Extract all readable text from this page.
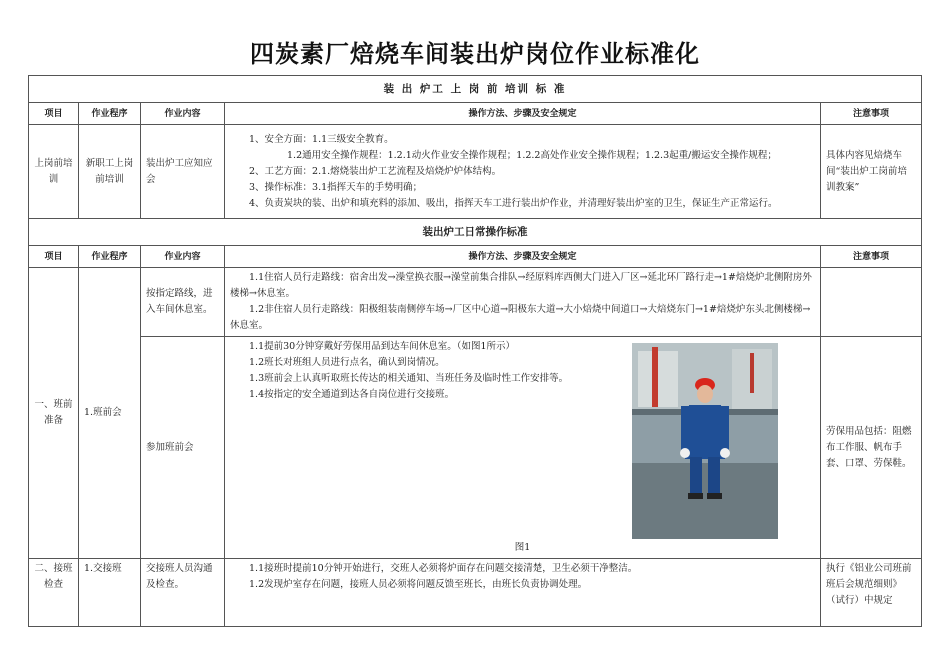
四炭素厂焙烧车间装出炉岗位作业标准化
装 出 炉工 上 岗 前 培训 标 准				
项目	作业程序	作业内容	操作方法、步骤及安全规定	注意事项
上岗前培训	新职工上岗前培训	装出炉工应知应会	1、安全方面：1.1三级安全教育。

1.2通用安全操作规程：1.2.1动火作业安全操作规程；1.2.2高处作业安全操作规程；1.2.3起重/搬运安全操作规程；

2、工艺方面：2.1.熔烧装出炉工艺流程及焙烧炉炉体结构。

3、操作标准：3.1指挥天车的手势明确；

4、负责炭块的装、出炉和填充料的添加、吸出，指挥天车工进行装出炉作业，并清理好装出炉室的卫生，保证生产正常运行。	具体内容见焙烧车间“装出炉工岗前培训教案”
装出炉工日常操作标准				
项目	作业程序	作业内容	操作方法、步骤及安全规定	注意事项
一、班前准备	1.班前会	按指定路线，进入车间休息室。	1.1住宿人员行走路线：宿舍出发→澡堂换衣服→澡堂前集合排队→经原料库西侧大门进入厂区→延北环厂路行走→1#焙烧炉北侧附房外楼梯→休息室。

1.2非住宿人员行走路线：阳极组装南侧停车场→厂区中心道→阳极东大道→大小焙烧中间道口→大焙烧东门→1#焙烧炉东头北侧楼梯→休息室。	

		参加班前会	1.1提前30分钟穿戴好劳保用品到达车间休息室。（如图1所示）

1.2班长对班组人员进行点名，确认到岗情况。

1.3班前会上认真听取班长传达的相关通知、当班任务及临时性工作安排等。

1.4按指定的安全通道到达各自岗位进行交接班。

图1	劳保用品包括：阻燃布工作服、帆布手套、口罩、劳保鞋。
二、接班检查	1.交接班	交接班人员沟通及检查。	1.1接班时提前10分钟开始进行，交班人必须将炉面存在问题交接清楚，卫生必须干净整洁。

1.2发现炉室存在问题，接班人员必须将问题反馈至班长，由班长负责协调处理。	执行《铝业公司班前班后会规范细则》（试行）中规定
